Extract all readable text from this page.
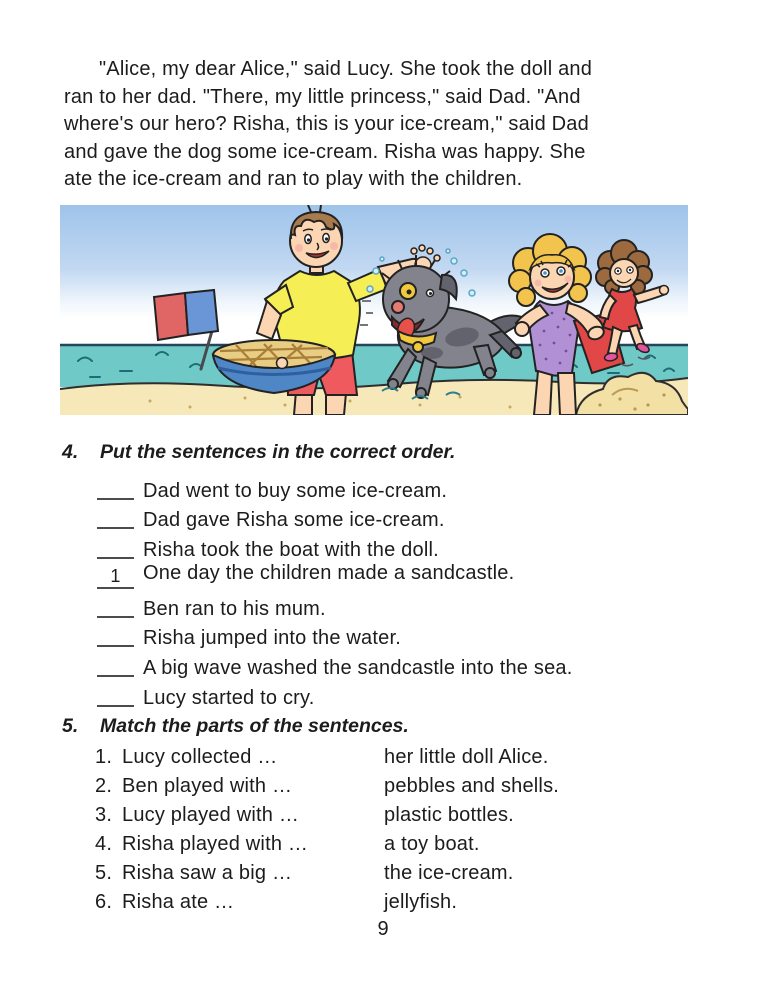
"Alice, my dear Alice," said Lucy. She took the doll and
ran to her dad. "There, my little princess," said Dad. "And
where's our hero? Risha, this is your ice-cream," said Dad
and gave the dog some ice-cream. Risha was happy. She
ate the ice-cream and ran to play with the children.
4.	Put the sentences in the correct order.
Dad went to buy some ice-cream.
Dad gave Risha some ice-cream.
Risha took the boat with the doll.
1	One day the children made a sandcastle.
Ben ran to his mum.
Risha jumped into the water.
A big wave washed the sandcastle into the sea.
Lucy started to cry.
5.	Match the parts of the sentences.
1. Lucy collected …	her little doll Alice.
2. Ben played with …	pebbles and shells.
3. Lucy played with …	plastic bottles.
4. Risha played with …	a toy boat.
5. Risha saw a big …	the ice-cream.
6. Risha ate …	jellyfish.
9
